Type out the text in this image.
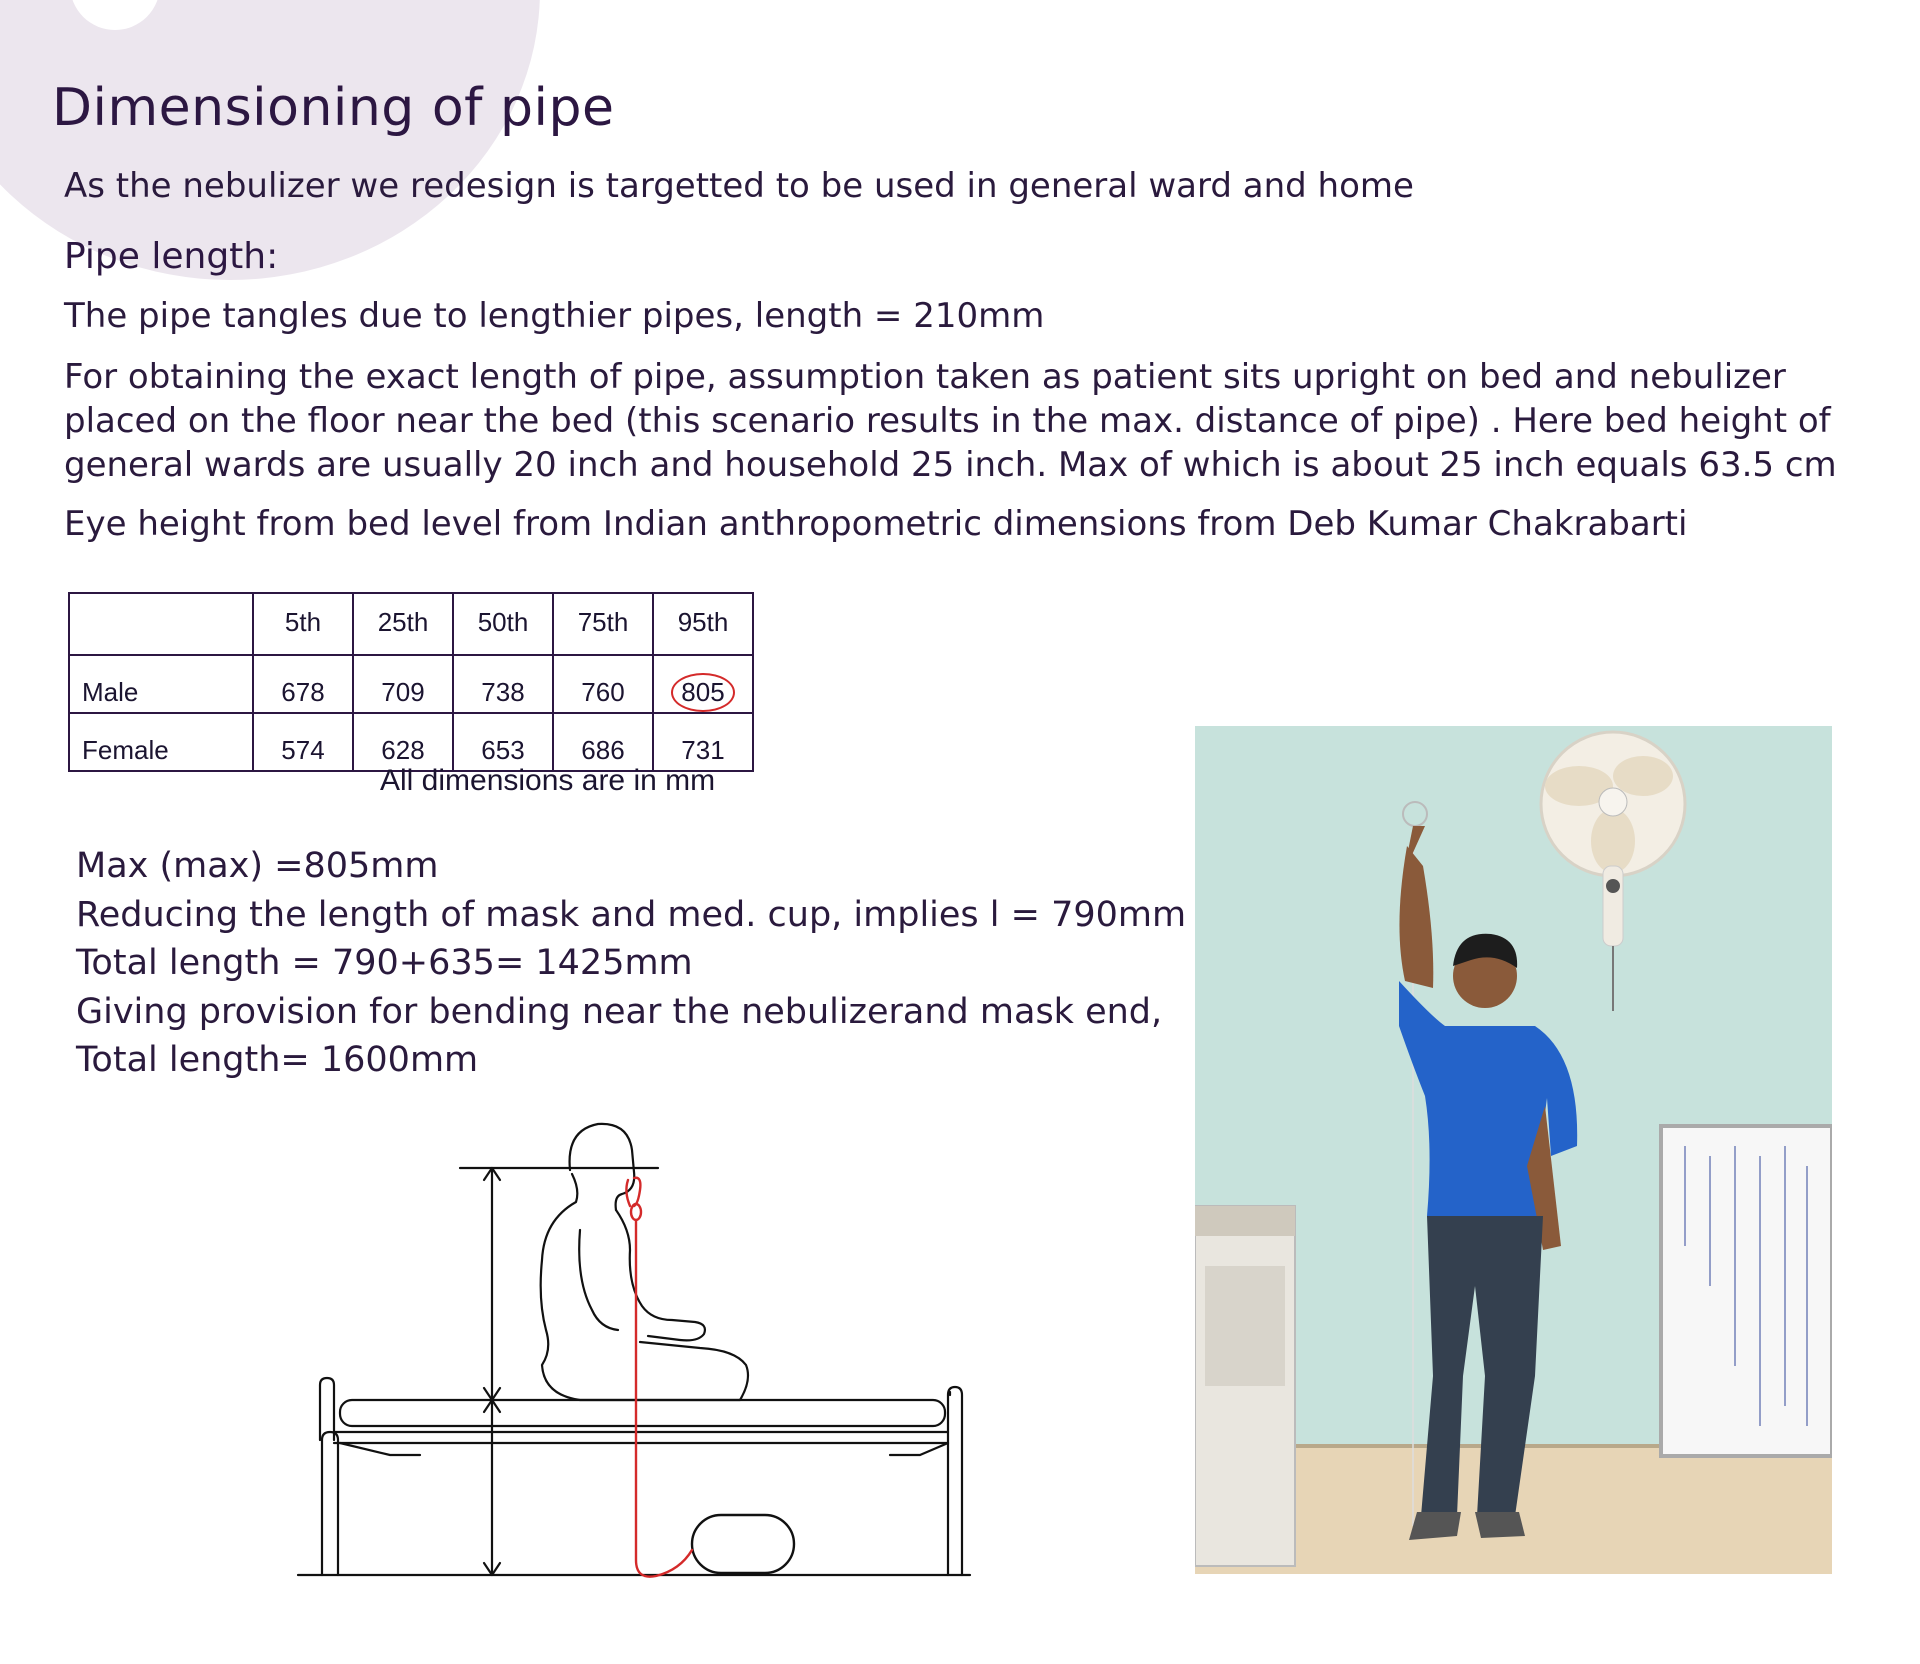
Dimensioning of pipe

As the nebulizer we redesign is targetted to be used in general ward and home

Pipe length:

The pipe tangles due to lengthier pipes, length = 210mm

For obtaining the exact length of pipe, assumption taken as patient sits upright on bed and nebulizer placed on the floor near the bed (this scenario results in the max. distance of pipe) . Here bed height of general wards are usually 20 inch and household 25 inch. Max of which is about 25 inch equals 63.5 cm

Eye height from bed level from Indian anthropometric dimensions from Deb Kumar Chakrabarti

	5th	25th	50th	75th	95th
Male	678	709	738	760	805
Female	574	628	653	686	731
All dimensions are in mm
Max (max) =805mm
Reducing the length of mask and med. cup, implies l = 790mm
Total length = 790+635= 1425mm
Giving provision for bending near the nebulizerand mask end,
Total length= 1600mm
